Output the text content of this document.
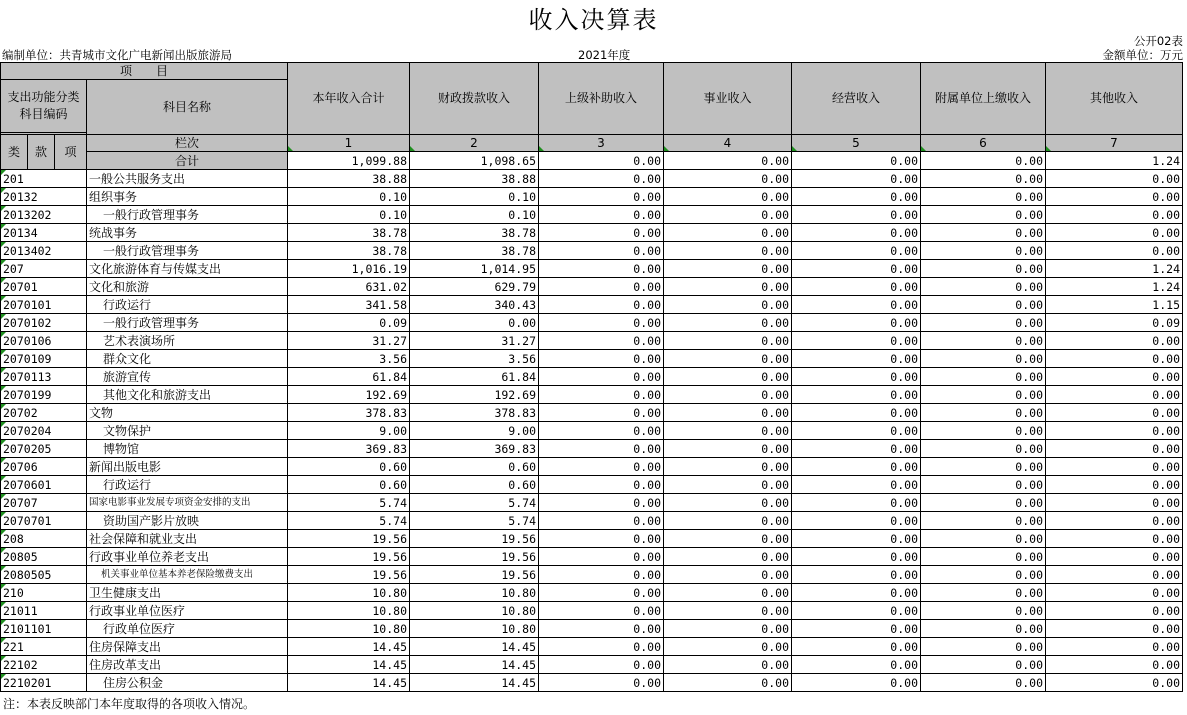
收入决算表
公开02表
编制单位：共青城市文化广电新闻出版旅游局	2021年度	金额单位：万元
项　　目				本年收入合计	财政拨款收入	上级补助收入	事业收入	经营收入	附属单位上缴收入	其他收入
支出功能分类科目编码			科目名称							

类	款	项	栏次	1	2	3	4	5	6	7
			合计	1,099.88	1,098.65	0.00	0.00	0.00	0.00	1.24
201			一般公共服务支出	38.88	38.88	0.00	0.00	0.00	0.00	0.00
20132			组织事务	0.10	0.10	0.00	0.00	0.00	0.00	0.00
2013202			一般行政管理事务	0.10	0.10	0.00	0.00	0.00	0.00	0.00
20134			统战事务	38.78	38.78	0.00	0.00	0.00	0.00	0.00
2013402			一般行政管理事务	38.78	38.78	0.00	0.00	0.00	0.00	0.00
207			文化旅游体育与传媒支出	1,016.19	1,014.95	0.00	0.00	0.00	0.00	1.24
20701			文化和旅游	631.02	629.79	0.00	0.00	0.00	0.00	1.24
2070101			行政运行	341.58	340.43	0.00	0.00	0.00	0.00	1.15
2070102			一般行政管理事务	0.09	0.00	0.00	0.00	0.00	0.00	0.09
2070106			艺术表演场所	31.27	31.27	0.00	0.00	0.00	0.00	0.00
2070109			群众文化	3.56	3.56	0.00	0.00	0.00	0.00	0.00
2070113			旅游宣传	61.84	61.84	0.00	0.00	0.00	0.00	0.00
2070199			其他文化和旅游支出	192.69	192.69	0.00	0.00	0.00	0.00	0.00
20702			文物	378.83	378.83	0.00	0.00	0.00	0.00	0.00
2070204			文物保护	9.00	9.00	0.00	0.00	0.00	0.00	0.00
2070205			博物馆	369.83	369.83	0.00	0.00	0.00	0.00	0.00
20706			新闻出版电影	0.60	0.60	0.00	0.00	0.00	0.00	0.00
2070601			行政运行	0.60	0.60	0.00	0.00	0.00	0.00	0.00
20707			国家电影事业发展专项资金安排的支出	5.74	5.74	0.00	0.00	0.00	0.00	0.00
2070701			资助国产影片放映	5.74	5.74	0.00	0.00	0.00	0.00	0.00
208			社会保障和就业支出	19.56	19.56	0.00	0.00	0.00	0.00	0.00
20805			行政事业单位养老支出	19.56	19.56	0.00	0.00	0.00	0.00	0.00
2080505			机关事业单位基本养老保险缴费支出	19.56	19.56	0.00	0.00	0.00	0.00	0.00
210			卫生健康支出	10.80	10.80	0.00	0.00	0.00	0.00	0.00
21011			行政事业单位医疗	10.80	10.80	0.00	0.00	0.00	0.00	0.00
2101101			行政单位医疗	10.80	10.80	0.00	0.00	0.00	0.00	0.00
221			住房保障支出	14.45	14.45	0.00	0.00	0.00	0.00	0.00
22102			住房改革支出	14.45	14.45	0.00	0.00	0.00	0.00	0.00
2210201			住房公积金	14.45	14.45	0.00	0.00	0.00	0.00	0.00
注：本表反映部门本年度取得的各项收入情况。
